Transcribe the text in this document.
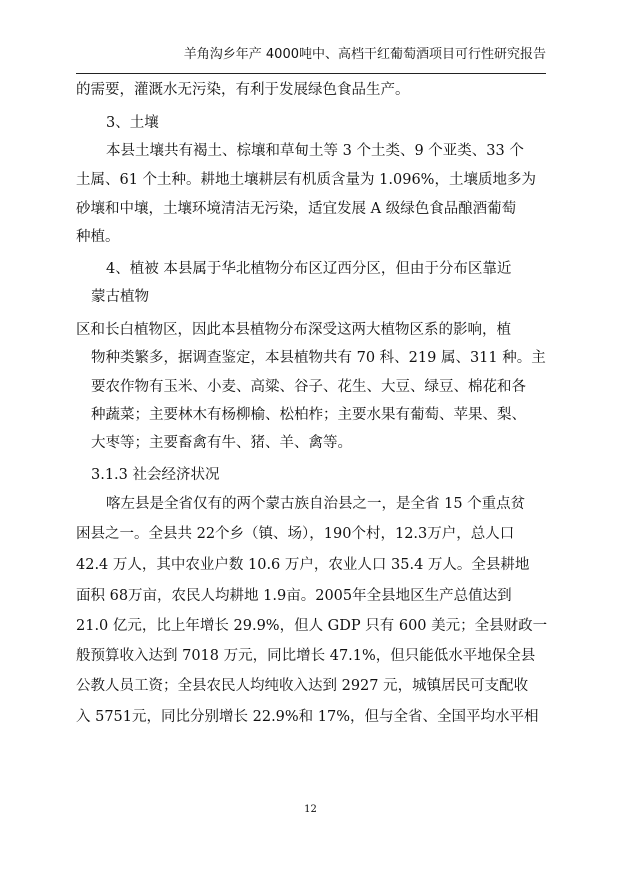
羊角沟乡年产 4000吨中、高档干红葡萄酒项目可行性研究报告
的需要，灌溉水无污染，有利于发展绿色食品生产。
3、土壤
本县土壤共有褐土、棕壤和草甸土等 3 个土类、9 个亚类、33 个
土属、61 个土种。耕地土壤耕层有机质含量为 1.096%，土壤质地多为
砂壤和中壤，土壤环境清洁无污染，适宜发展 A 级绿色食品酿酒葡萄
种植。
4、植被 本县属于华北植物分布区辽西分区，但由于分布区靠近
蒙古植物
区和长白植物区，因此本县植物分布深受这两大植物区系的影响，植
物种类繁多，据调查鉴定，本县植物共有 70 科、219 属、311 种。主
要农作物有玉米、小麦、高粱、谷子、花生、大豆、绿豆、棉花和各
种蔬菜；主要林木有杨柳榆、松柏柞；主要水果有葡萄、苹果、梨、
大枣等；主要畜禽有牛、猪、羊、禽等。
3.1.3 社会经济状况
喀左县是全省仅有的两个蒙古族自治县之一，是全省 15 个重点贫
困县之一。全县共 22个乡（镇、场），190个村，12.3万户，总人口
42.4 万人，其中农业户数 10.6 万户，农业人口 35.4 万人。全县耕地
面积 68万亩，农民人均耕地 1.9亩。2005年全县地区生产总值达到
21.0 亿元，比上年增长 29.9%，但人 GDP 只有 600 美元；全县财政一
般预算收入达到 7018 万元，同比增长 47.1%，但只能低水平地保全县
公教人员工资；全县农民人均纯收入达到 2927 元，城镇居民可支配收
入 5751元，同比分别增长 22.9%和 17%，但与全省、全国平均水平相
12
